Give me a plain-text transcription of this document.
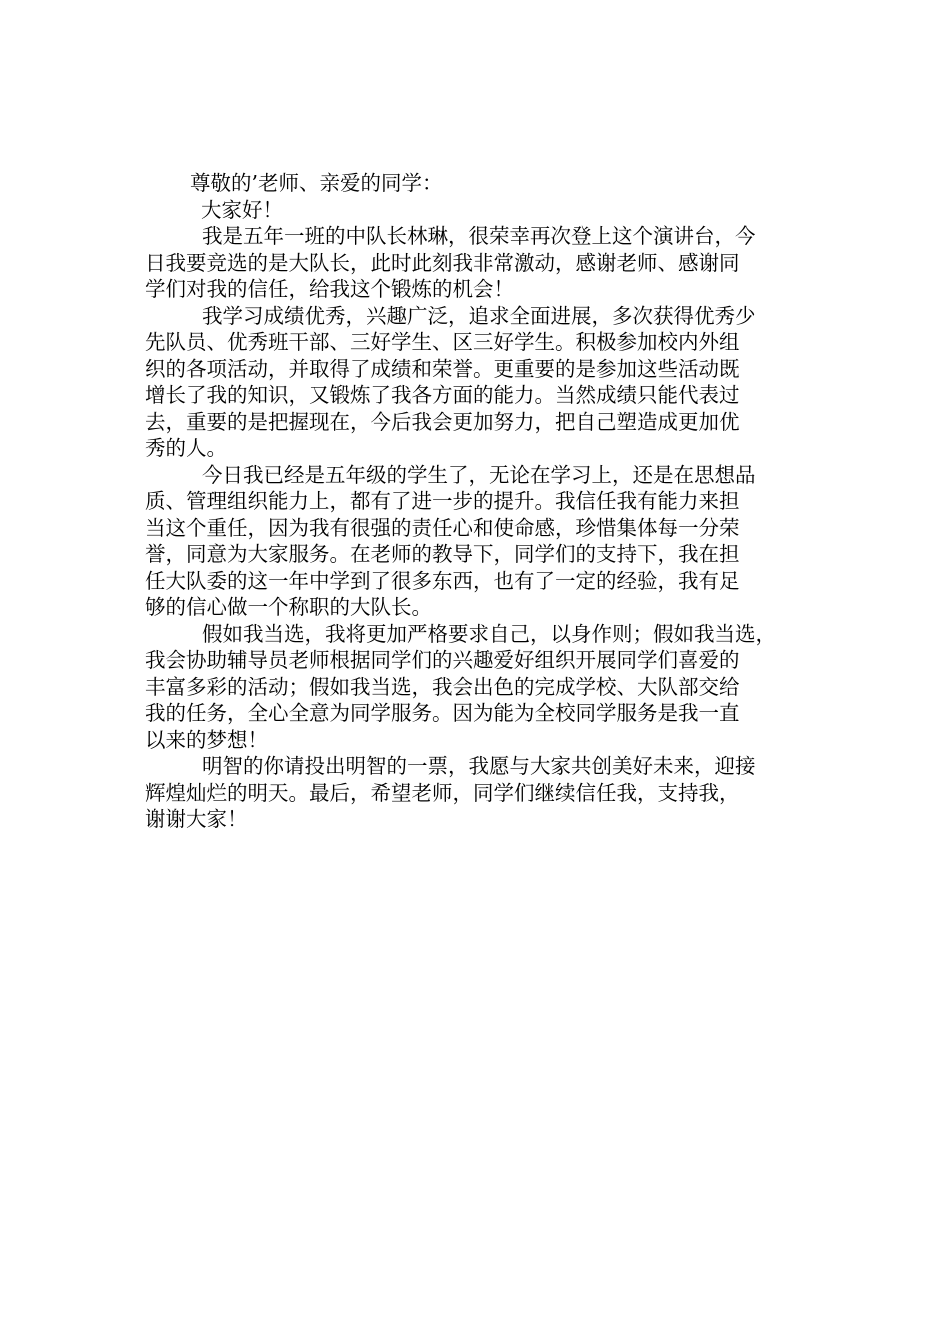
尊敬的’老师、亲爱的同学：
大家好！
我是五年一班的中队长林琳，很荣幸再次登上这个演讲台，今
日我要竞选的是大队长，此时此刻我非常激动，感谢老师、感谢同
学们对我的信任，给我这个锻炼的机会！
我学习成绩优秀，兴趣广泛，追求全面进展，多次获得优秀少
先队员、优秀班干部、三好学生、区三好学生。积极参加校内外组
织的各项活动，并取得了成绩和荣誉。更重要的是参加这些活动既
增长了我的知识，又锻炼了我各方面的能力。当然成绩只能代表过
去，重要的是把握现在，今后我会更加努力，把自己塑造成更加优
秀的人。
今日我已经是五年级的学生了，无论在学习上，还是在思想品
质、管理组织能力上，都有了进一步的提升。我信任我有能力来担
当这个重任，因为我有很强的责任心和使命感，珍惜集体每一分荣
誉，同意为大家服务。在老师的教导下，同学们的支持下，我在担
任大队委的这一年中学到了很多东西，也有了一定的经验，我有足
够的信心做一个称职的大队长。
假如我当选，我将更加严格要求自己，以身作则；假如我当选，
我会协助辅导员老师根据同学们的兴趣爱好组织开展同学们喜爱的
丰富多彩的活动；假如我当选，我会出色的完成学校、大队部交给
我的任务，全心全意为同学服务。因为能为全校同学服务是我一直
以来的梦想！
明智的你请投出明智的一票，我愿与大家共创美好未来，迎接
辉煌灿烂的明天。最后，希望老师，同学们继续信任我，支持我，
谢谢大家！
